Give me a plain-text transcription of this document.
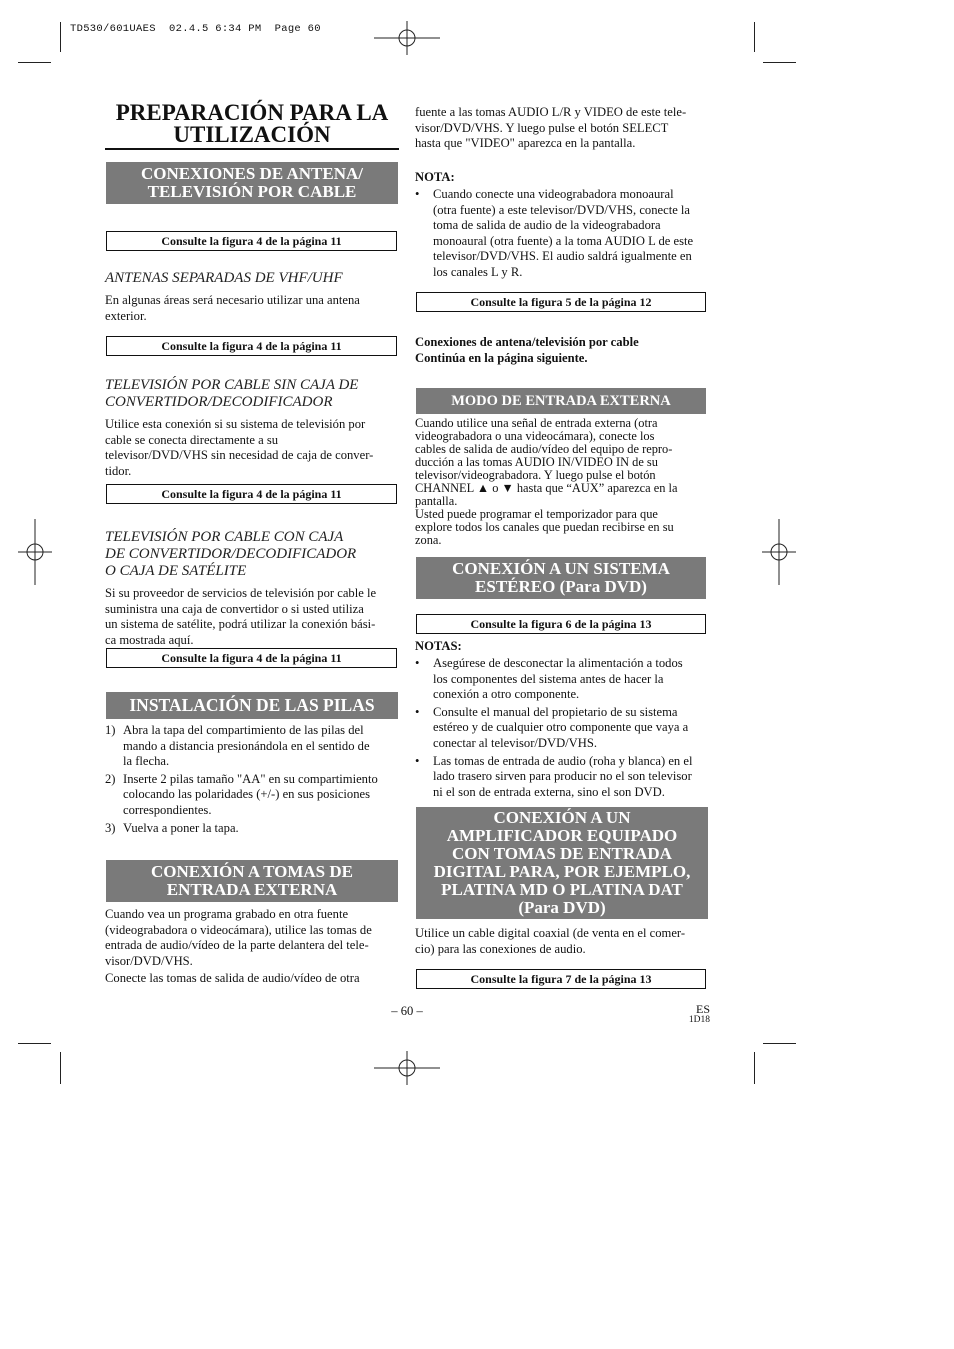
TD530/601UAES  02.4.5 6:34 PM  Page 60
PREPARACIÓN PARA LA
UTILIZACIÓN
CONEXIONES DE ANTENA/
TELEVISIÓN POR CABLE
Consulte la figura 4 de la página 11
ANTENAS SEPARADAS DE VHF/UHF
En algunas áreas será necesario utilizar una antena
exterior.
Consulte la figura 4 de la página 11
TELEVISIÓN POR CABLE SIN CAJA DE
CONVERTIDOR/DECODIFICADOR
Utilice esta conexión si su sistema de televisión por
cable se conecta directamente a su
televisor/DVD/VHS sin necesidad de caja de conver-
tidor.
Consulte la figura 4 de la página 11
TELEVISIÓN POR CABLE CON CAJA
DE CONVERTIDOR/DECODIFICADOR
O CAJA DE SATÉLITE
Si su proveedor de servicios de televisión por cable le
suministra una caja de convertidor o si usted utiliza
un sistema de satélite, podrá utilizar la conexión bási-
ca mostrada aquí.
Consulte la figura 4 de la página 11
INSTALACIÓN DE LAS PILAS
1) Abra la tapa del compartimiento de las pilas del
mando a distancia presionándola en el sentido de
la flecha.
2) Inserte 2 pilas tamaño "AA" en su compartimiento
colocando las polaridades (+/-) en sus posiciones
correspondientes.
3) Vuelva a poner la tapa.
CONEXIÓN A TOMAS DE
ENTRADA EXTERNA
Cuando vea un programa grabado en otra fuente
(videograbadora o videocámara), utilice las tomas de
entrada de audio/vídeo de la parte delantera del tele-
visor/DVD/VHS.
Conecte las tomas de salida de audio/vídeo de otra
fuente a las tomas AUDIO L/R y VIDEO de este tele-
visor/DVD/VHS. Y luego pulse el botón SELECT
hasta que "VIDEO" aparezca en la pantalla.
NOTA:
• Cuando conecte una videograbadora monoaural
(otra fuente) a este televisor/DVD/VHS, conecte la
toma de salida de audio de la videograbadora
monoaural (otra fuente) a la toma AUDIO L de este
televisor/DVD/VHS. El audio saldrá igualmente en
los canales L y R.
Consulte la figura 5 de la página 12
Conexiones de antena/televisión por cable
Continúa en la página siguiente.
MODO DE ENTRADA EXTERNA
Cuando utilice una señal de entrada externa (otra
videograbadora o una videocámara), conecte los
cables de salida de audio/vídeo del equipo de repro-
ducción a las tomas AUDIO IN/VIDEO IN de su
televisor/videograbadora. Y luego pulse el botón
CHANNEL ▲ o ▼ hasta que “AUX” aparezca en la
pantalla.
Usted puede programar el temporizador para que
explore todos los canales que puedan recibirse en su
zona.
CONEXIÓN A UN SISTEMA
ESTÉREO (Para DVD)
Consulte la figura 6 de la página 13
NOTAS:
• Asegúrese de desconectar la alimentación a todos
los componentes del sistema antes de hacer la
conexión a otro componente.
• Consulte el manual del propietario de su sistema
estéreo y de cualquier otro componente que vaya a
conectar al televisor/DVD/VHS.
• Las tomas de entrada de audio (roha y blanca) en el
lado trasero sirven para producir no el son televisor
ni el son de entrada externa, sino el son DVD.
CONEXIÓN A UN
AMPLIFICADOR EQUIPADO
CON TOMAS DE ENTRADA
DIGITAL PARA, POR EJEMPLO,
PLATINA MD O PLATINA DAT
(Para DVD)
Utilice un cable digital coaxial (de venta en el comer-
cio) para las conexiones de audio.
Consulte la figura 7 de la página 13
– 60 –	ES
1D18
